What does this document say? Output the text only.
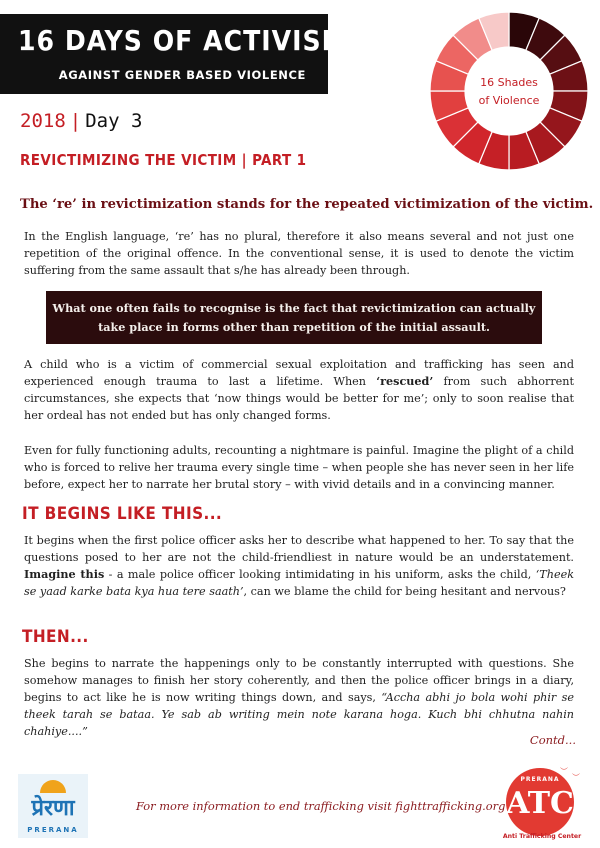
16 DAYS OF ACTIVISM
AGAINST GENDER BASED VIOLENCE
2018 | Day 3
REVICTIMIZING THE VICTIM | PART 1
16 Shades
of Violence
The ‘re’ in revictimization stands for the repeated victimization of the victim.
In the English language, ‘re’ has no plural, therefore it also means several and not just one repetition of the original offence. In the conventional sense, it is used to denote the victim suffering from the same assault that s/he has already been through.
What one often fails to recognise is the fact that revictimization can actually
take place in forms other than repetition of the initial assault.
A child who is a victim of commercial sexual exploitation and trafficking has seen and experienced enough trauma to last a lifetime. When ‘rescued’ from such abhorrent circumstances, she expects that ‘now things would be better for me’; only to soon realise that her ordeal has not ended but has only changed forms.
Even for fully functioning adults, recounting a nightmare is painful. Imagine the plight of a child who is forced to relive her trauma every single time – when people she has never seen in her life before, expect her to narrate her brutal story – with vivid details and in a convincing manner.
IT BEGINS LIKE THIS...
It begins when the first police officer asks her to describe what happened to her. To say that the questions posed to her are not the child-friendliest in nature would be an understatement. Imagine this - a male police officer looking intimidating in his uniform, asks the child, ‘Theek se yaad karke bata kya hua tere saath’, can we blame the child for being hesitant and nervous?
THEN...
She begins to narrate the happenings only to be constantly interrupted with questions. She somehow manages to finish her story coherently, and then the police officer brings in a diary, begins to act like he is now writing things down, and says, “Accha abhi jo bola wohi phir se theek tarah se bataa. Ye sab ab writing mein note karana hoga. Kuch bhi chhutna nahin chahiye....”
Contd...
प्रेरणा
PRERANA
For more information to end trafficking visit fighttrafficking.org
︶
︶
PRERANA
ATC
Anti Trafficking Center
